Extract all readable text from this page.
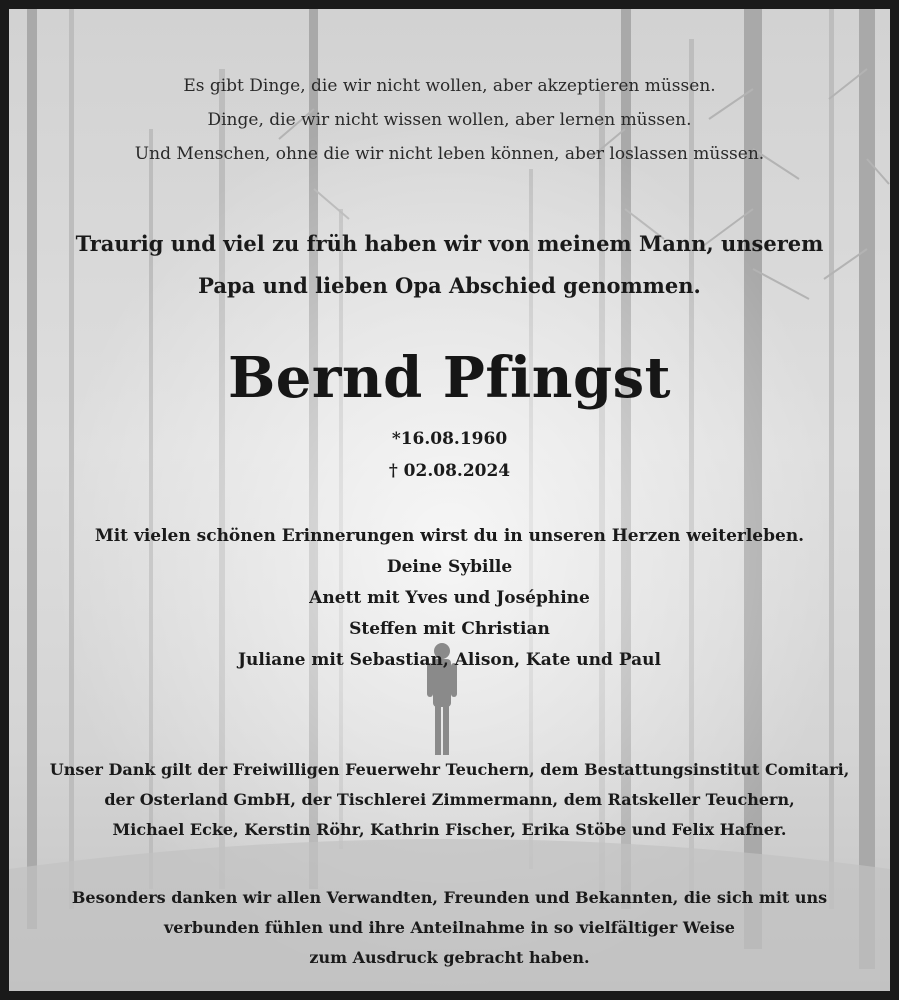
Es gibt Dinge, die wir nicht wollen, aber akzeptieren müssen.
Dinge, die wir nicht wissen wollen, aber lernen müssen.
Und Menschen, ohne die wir nicht leben können, aber loslassen müssen.
Traurig und viel zu früh haben wir von meinem Mann, unserem
Papa und lieben Opa Abschied genommen.
Bernd Pfingst
*16.08.1960
† 02.08.2024
Mit vielen schönen Erinnerungen wirst du in unseren Herzen weiterleben.
Deine Sybille
Anett mit Yves und Joséphine
Steffen mit Christian
Juliane mit Sebastian, Alison, Kate und Paul
Unser Dank gilt der Freiwilligen Feuerwehr Teuchern, dem Bestattungsinstitut Comitari,
der Osterland GmbH, der Tischlerei Zimmermann, dem Ratskeller Teuchern,
Michael Ecke, Kerstin Röhr, Kathrin Fischer, Erika Stöbe und Felix Hafner.
Besonders danken wir allen Verwandten, Freunden und Bekannten, die sich mit uns
verbunden fühlen und ihre Anteilnahme in so vielfältiger Weise
zum Ausdruck gebracht haben.
